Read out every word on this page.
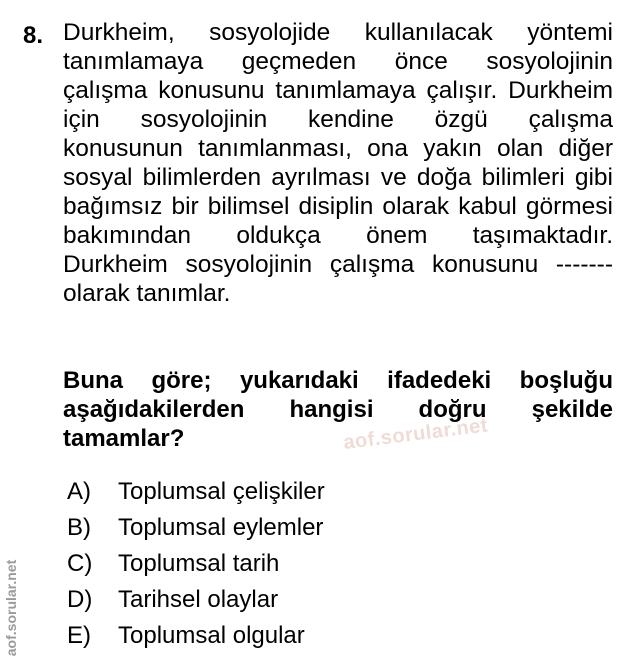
8. Durkheim, sosyolojide kullanılacak yöntemi
tanımlamaya geçmeden önce sosyolojinin
çalışma konusunu tanımlamaya çalışır. Durkheim
için sosyolojinin kendine özgü çalışma
konusunun tanımlanması, ona yakın olan diğer
sosyal bilimlerden ayrılması ve doğa bilimleri gibi
bağımsız bir bilimsel disiplin olarak kabul görmesi
bakımından oldukça önem taşımaktadır.
Durkheim sosyolojinin çalışma konusunu -------
olarak tanımlar.
Buna göre; yukarıdaki ifadedeki boşluğu
aşağıdakilerden hangisi doğru şekilde
tamamlar?	aof.sorular.net
A)	Toplumsal çelişkiler
B)	Toplumsal eylemler
C)	Toplumsal tarih
D)	Tarihsel olaylar
E)	Toplumsal olgular
aof.sorular.net
